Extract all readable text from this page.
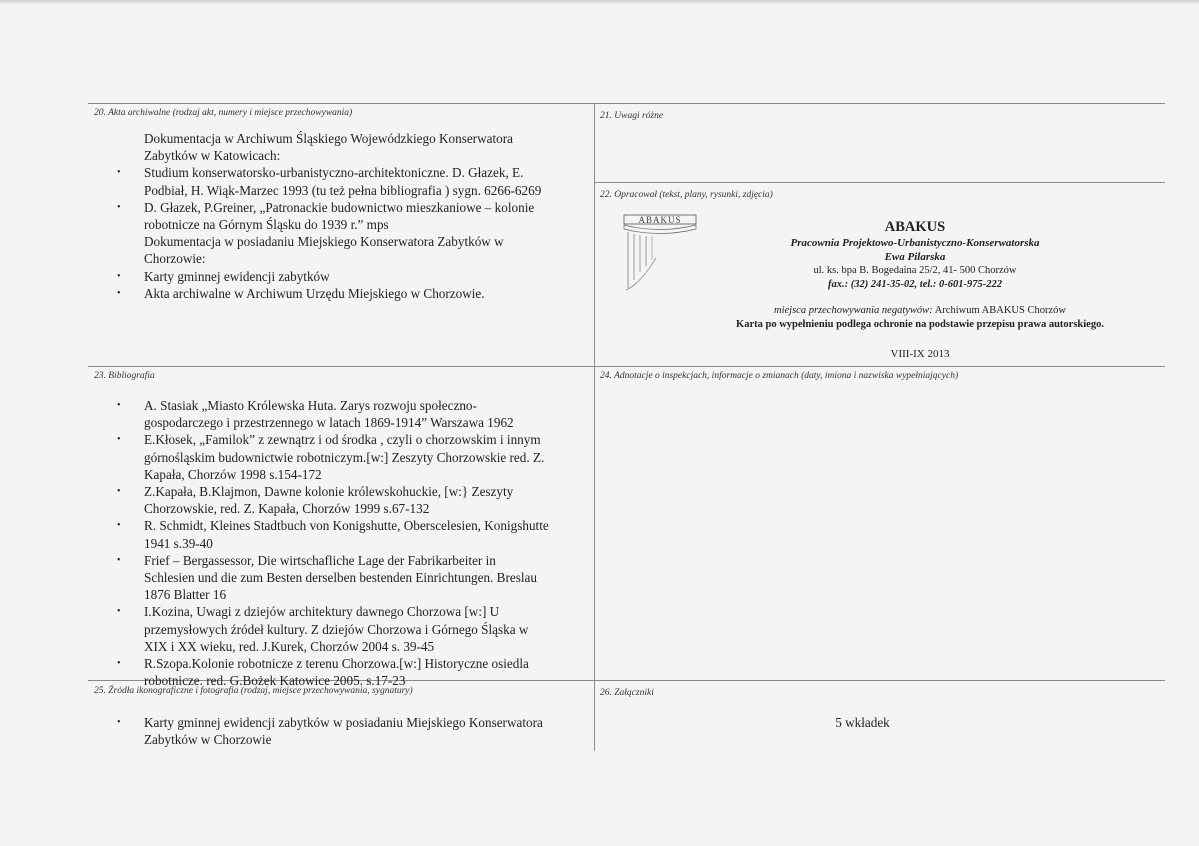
20. Akta archiwalne (rodzaj akt, numery i miejsce przechowywania)

Dokumentacja w Archiwum Śląskiego Wojewódzkiego Konserwatora

Zabytków w Katowicach:

• Studium konserwatorsko-urbanistyczno-architektoniczne. D. Głazek, E.

Podbiał, H. Wiąk-Marzec 1993 (tu też pełna bibliografia ) sygn. 6266-6269

• D. Głazek, P.Greiner, „Patronackie budownictwo mieszkaniowe – kolonie

robotnicze na Górnym Śląsku do 1939 r.” mps

Dokumentacja w posiadaniu Miejskiego Konserwatora Zabytków w

Chorzowie:

• Karty gminnej ewidencji zabytków

• Akta archiwalne w Archiwum Urzędu Miejskiego w Chorzowie.

21. Uwagi różne
22. Opracował (tekst, plany, rysunki, zdjęcia)
ABAKUS	ABAKUS
Pracownia Projektowo-Urbanistyczno-Konserwatorska
Ewa Pilarska
ul. ks. bpa B. Bogedaina 25/2, 41- 500 Chorzów
fax.: (32) 241-35-02, tel.: 0-601-975-222
miejsca przechowywania negatywów: Archiwum ABAKUS Chorzów
Karta po wypełnieniu podlega ochronie na podstawie przepisu prawa autorskiego.
VIII-IX 2013
23. Bibliografia
• A. Stasiak „Miasto Królewska Huta. Zarys rozwoju społeczno-

gospodarczego i przestrzennego w latach 1869-1914” Warszawa 1962

• E.Kłosek, „Familok” z zewnątrz i od środka , czyli o chorzowskim i innym

górnośląskim budownictwie robotniczym.[w:] Zeszyty Chorzowskie red. Z.

Kapała, Chorzów 1998 s.154-172

• Z.Kapała, B.Klajmon, Dawne kolonie królewskohuckie, [w:} Zeszyty

Chorzowskie, red. Z. Kapała, Chorzów 1999 s.67-132

• R. Schmidt, Kleines Stadtbuch von Konigshutte, Oberscelesien, Konigshutte

1941 s.39-40

• Frief – Bergassessor, Die wirtschafliche Lage der Fabrikarbeiter in

Schlesien und die zum Besten derselben bestenden Einrichtungen. Breslau

1876 Blatter 16

• I.Kozina, Uwagi z dziejów architektury dawnego Chorzowa [w:] U

przemysłowych źródeł kultury. Z dziejów Chorzowa i Górnego Śląska w

XIX i XX wieku, red. J.Kurek, Chorzów 2004 s. 39-45

• R.Szopa.Kolonie robotnicze z terenu Chorzowa.[w:] Historyczne osiedla

robotnicze. red. G.Bożek Katowice 2005. s.17-23

24. Adnotacje o inspekcjach, informacje o zmianach (daty, imiona i nazwiska wypełniających)
25. Źródła ikonograficzne i fotografia (rodzaj, miejsce przechowywania, sygnatury)
• Karty gminnej ewidencji zabytków w posiadaniu Miejskiego Konserwatora

Zabytków w Chorzowie

26. Załączniki
5 wkładek
